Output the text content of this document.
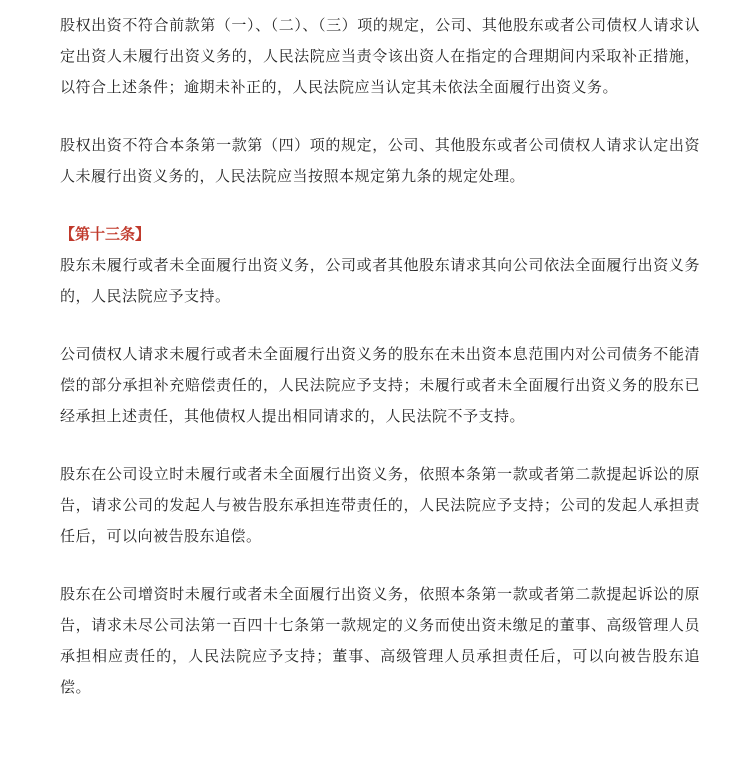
股权出资不符合前款第（一）、（二）、（三）项的规定，公司、其他股东或者公司债权人请求认定出资人未履行出资义务的，人民法院应当责令该出资人在指定的合理期间内采取补正措施，以符合上述条件；逾期未补正的，人民法院应当认定其未依法全面履行出资义务。

股权出资不符合本条第一款第（四）项的规定，公司、其他股东或者公司债权人请求认定出资人未履行出资义务的，人民法院应当按照本规定第九条的规定处理。

【第十三条】

股东未履行或者未全面履行出资义务，公司或者其他股东请求其向公司依法全面履行出资义务的，人民法院应予支持。

公司债权人请求未履行或者未全面履行出资义务的股东在未出资本息范围内对公司债务不能清偿的部分承担补充赔偿责任的，人民法院应予支持；未履行或者未全面履行出资义务的股东已经承担上述责任，其他债权人提出相同请求的，人民法院不予支持。

股东在公司设立时未履行或者未全面履行出资义务，依照本条第一款或者第二款提起诉讼的原告，请求公司的发起人与被告股东承担连带责任的，人民法院应予支持；公司的发起人承担责任后，可以向被告股东追偿。

股东在公司增资时未履行或者未全面履行出资义务，依照本条第一款或者第二款提起诉讼的原告，请求未尽公司法第一百四十七条第一款规定的义务而使出资未缴足的董事、高级管理人员承担相应责任的，人民法院应予支持；董事、高级管理人员承担责任后，可以向被告股东追偿。
